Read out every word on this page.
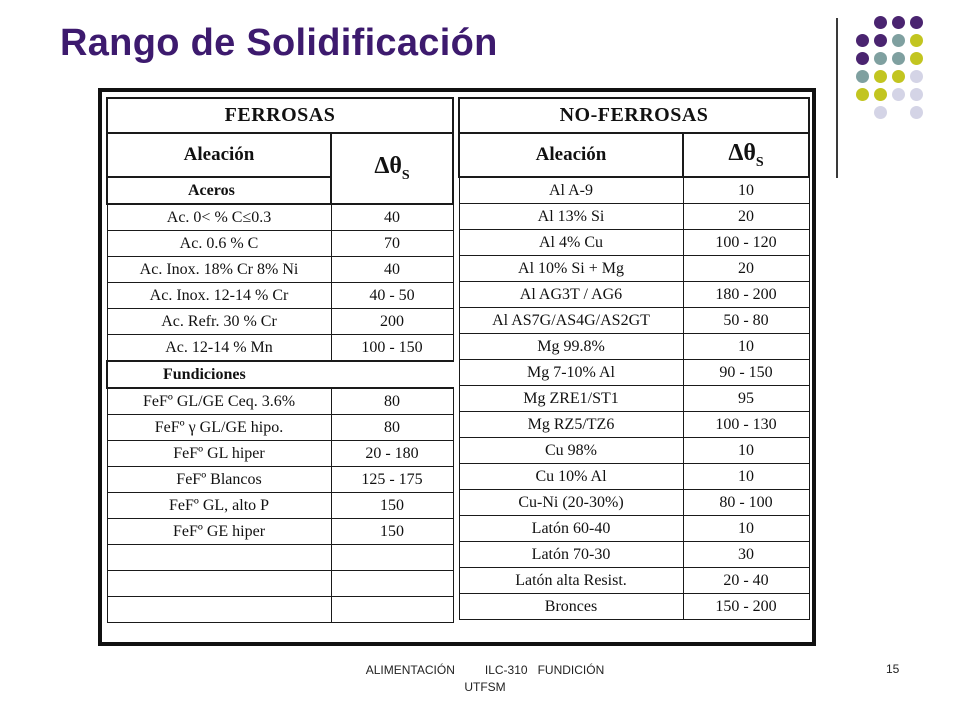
Rango de Solidificación
FERROSAS	
Aleación	$\Delta\theta_S$
Aceros	
Ac. 0< % C≤0.3	40
Ac. 0.6 % C	70
Ac. Inox. 18% Cr 8% Ni	40
Ac. Inox. 12-14 % Cr	40 - 50
Ac. Refr. 30 % Cr	200
Ac. 12-14 % Mn	100 - 150
Fundiciones	
FeFº GL/GE Ceq. 3.6%	80
FeFº γ GL/GE hipo.	80
FeFº GL hiper	20 - 180
FeFº Blancos	125 - 175
FeFº GL, alto P	150
FeFº GE hiper	150

NO-FERROSAS	
Aleación	$\Delta\theta_S$
Al A-9	10
Al 13% Si	20
Al 4% Cu	100 - 120
Al 10% Si + Mg	20
Al AG3T / AG6	180 - 200
Al AS7G/AS4G/AS2GT	50 - 80
Mg 99.8%	10
Mg 7-10% Al	90 - 150
Mg ZRE1/ST1	95
Mg RZ5/TZ6	100 - 130
Cu 98%	10
Cu 10% Al	10
Cu-Ni (20-30%)	80 - 100
Latón 60-40	10
Latón 70-30	30
Latón alta Resist.	20 - 40
Bronces	150 - 200
ALIMENTACIÓN	ILC-310 FUNDICIÓN
UTFSM
15
